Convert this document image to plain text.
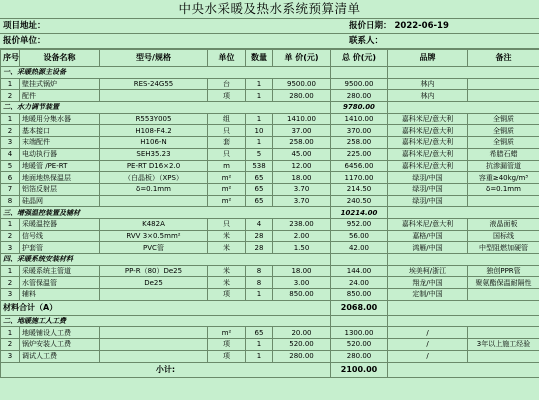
中央水采暖及热水系统预算清单
项目地址：	报价日期： 2022-06-19
报价单位：	联系人：
序号	设备名称	型号/规格	单位	数量	单 价(元)	总 价(元)	品牌	备注
一、采暖热源主设备								
1	壁挂式锅炉	RES-24G55	台	1	9500.00	9500.00	林内	
2	配件		项	1	280.00	280.00	林内	
二、水力调节装置						9780.00		
1	地暖用分集水器	R553Y005	组	1	1410.00	1410.00	嘉科米尼/意大利	全铜质
2	基本接口	H108-F4.2	只	10	37.00	370.00	嘉科米尼/意大利	全铜质
3	末端配件	H106-N	套	1	258.00	258.00	嘉科米尼/意大利	全铜质
4	电动执行器	SEH35.23	只	5	45.00	225.00	嘉科米尼/意大利	希腊石蜡
5	地暖管 /PE-RT	PE-RT D16×2.0	m	538	12.00	6456.00	嘉科米尼/意大利	抗渗漏管道
6	地面地热保温层	（白晶板）（XPS）	m²	65	18.00	1170.00	绿羽/中国	容重≥40kg/m³
7	铝箔反射层	δ=0.1mm	m²	65	3.70	214.50	绿羽/中国	δ=0.1mm
8	硅晶网		m²	65	3.70	240.50	绿羽/中国	
三、增强温控装置及辅材						10214.00		
1	采暖温控器	K482A	只	4	238.00	952.00	嘉科米尼/意大利	液晶面板
2	信号线	RVV 3×0.5mm²	米	28	2.00	56.00	嘉格/中国	国标线
3	护套管	PVC管	米	28	1.50	42.00	鸿雁/中国	中型阻燃加硬管
四、采暖系统安装材料								
1	采暖系统主管道	PP-R（80）De25	米	8	18.00	144.00	埃美柯/浙江	独创PPR管
2	水管保温管	De25	米	8	3.00	24.00	翔龙/中国	聚氨酯保温耐隔性
3	辅料		项	1	850.00	850.00	定制/中国	
材料合计（A）						2068.00		
二、地暖施工人工费								
1	地暖铺设人工费		m²	65	20.00	1300.00	/	
2	锅炉安装人工费		项	1	520.00	520.00	/	3年以上施工经验
3	调试人工费		项	1	280.00	280.00	/	
小计:						2100.00		
